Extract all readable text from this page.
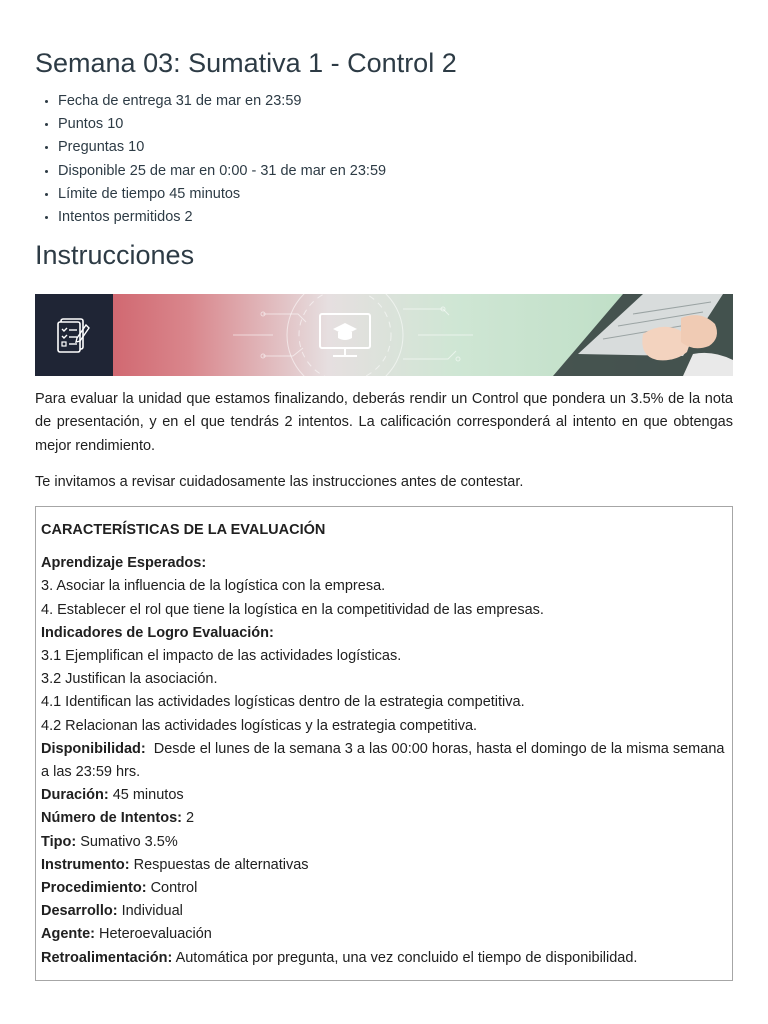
Semana 03: Sumativa 1 - Control 2
• Fecha de entrega 31 de mar en 23:59
• Puntos 10
• Preguntas 10
• Disponible 25 de mar en 0:00 - 31 de mar en 23:59
• Límite de tiempo 45 minutos
• Intentos permitidos 2
Instrucciones

Para evaluar la unidad que estamos finalizando, deberás rendir un Control que pondera un 3.5% de la nota de presentación, y en el que tendrás 2 intentos. La calificación corresponderá al intento en que obtengas mejor rendimiento.

Te invitamos a revisar cuidadosamente las instrucciones antes de contestar.

CARACTERÍSTICAS DE LA EVALUACIÓN
Aprendizaje Esperados:
3. Asociar la influencia de la logística con la empresa.
4. Establecer el rol que tiene la logística en la competitividad de las empresas.
Indicadores de Logro Evaluación:
3.1 Ejemplifican el impacto de las actividades logísticas.
3.2 Justifican la asociación.
4.1 Identifican las actividades logísticas dentro de la estrategia competitiva.
4.2 Relacionan las actividades logísticas y la estrategia competitiva.
Disponibilidad:  Desde el lunes de la semana 3 a las 00:00 horas, hasta el domingo de la misma semana a las 23:59 hrs.
Duración: 45 minutos
Número de Intentos: 2
Tipo: Sumativo 3.5%
Instrumento: Respuestas de alternativas
Procedimiento: Control
Desarrollo: Individual
Agente: Heteroevaluación
Retroalimentación: Automática por pregunta, una vez concluido el tiempo de disponibilidad.
